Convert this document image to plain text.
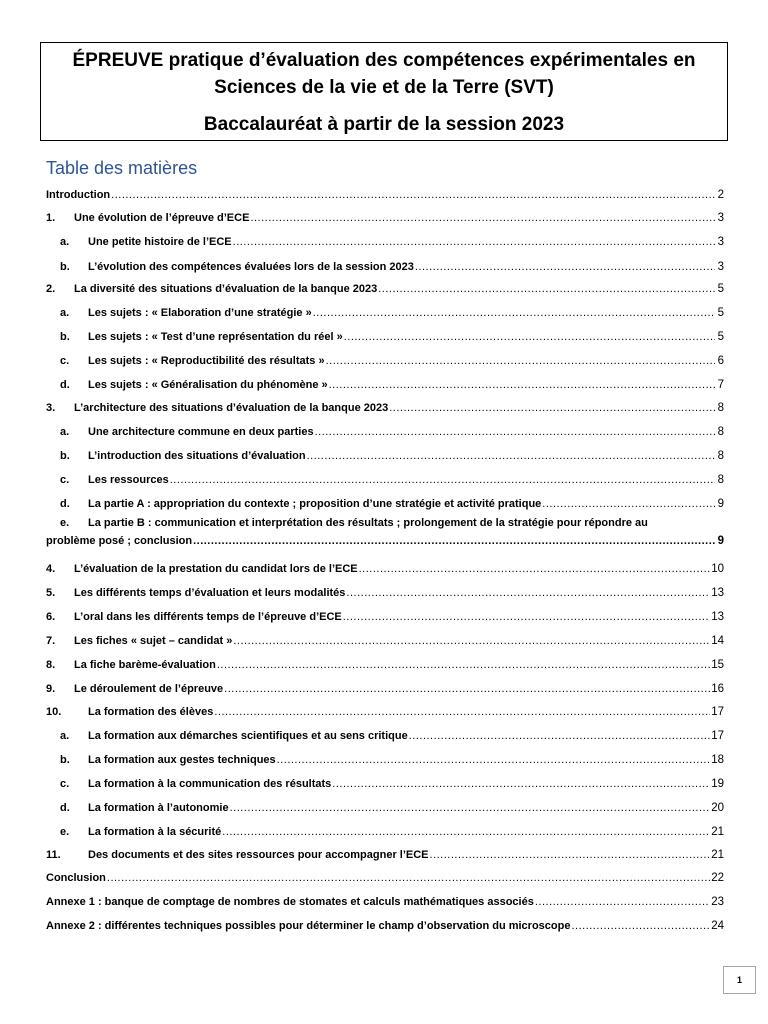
ÉPREUVE pratique d’évaluation des compétences expérimentales en
Sciences de la vie et de la Terre (SVT)
Baccalauréat à partir de la session 2023
Table des matières
Introduction .....	2
1.	Une évolution de l’épreuve d’ECE .....	3
a.	Une petite histoire de l’ECE .....	3
b.	L’évolution des compétences évaluées lors de la session 2023 .....	3
2.	La diversité des situations d’évaluation de la banque 2023 .....	5
a.	Les sujets : « Elaboration d’une stratégie » .....	5
b.	Les sujets : « Test d’une représentation du réel » .....	5
c.	Les sujets : « Reproductibilité des résultats » .....	6
d.	Les sujets : « Généralisation du phénomène » .....	7
3.	L’architecture des situations d’évaluation de la banque 2023 .....	8
a.	Une architecture commune en deux parties .....	8
b.	L’introduction des situations d’évaluation .....	8
c.	Les ressources .....	8
d.	La partie A : appropriation du contexte ; proposition d’une stratégie et activité pratique .....	9
e. La partie B : communication et interprétation des résultats ; prolongement de la stratégie pour répondre au
problème posé ; conclusion .....	9
4.	L’évaluation de la prestation du candidat lors de l’ECE .....	10
5.	Les différents temps d’évaluation et leurs modalités .....	13
6.	L’oral dans les différents temps de l’épreuve d’ECE .....	13
7.	Les fiches « sujet – candidat » .....	14
8.	La fiche barème-évaluation .....	15
9.	Le déroulement de l’épreuve .....	16
10.	La formation des élèves .....	17
a.	La formation aux démarches scientifiques et au sens critique .....	17
b.	La formation aux gestes techniques .....	18
c.	La formation à la communication des résultats .....	19
d.	La formation à l’autonomie .....	20
e.	La formation à la sécurité .....	21
11.	Des documents et des sites ressources pour accompagner l’ECE .....	21
Conclusion .....	22
Annexe 1 : banque de comptage de nombres de stomates et calculs mathématiques associés .....	23
Annexe 2 : différentes techniques possibles pour déterminer le champ d’observation du microscope .....	24
1
